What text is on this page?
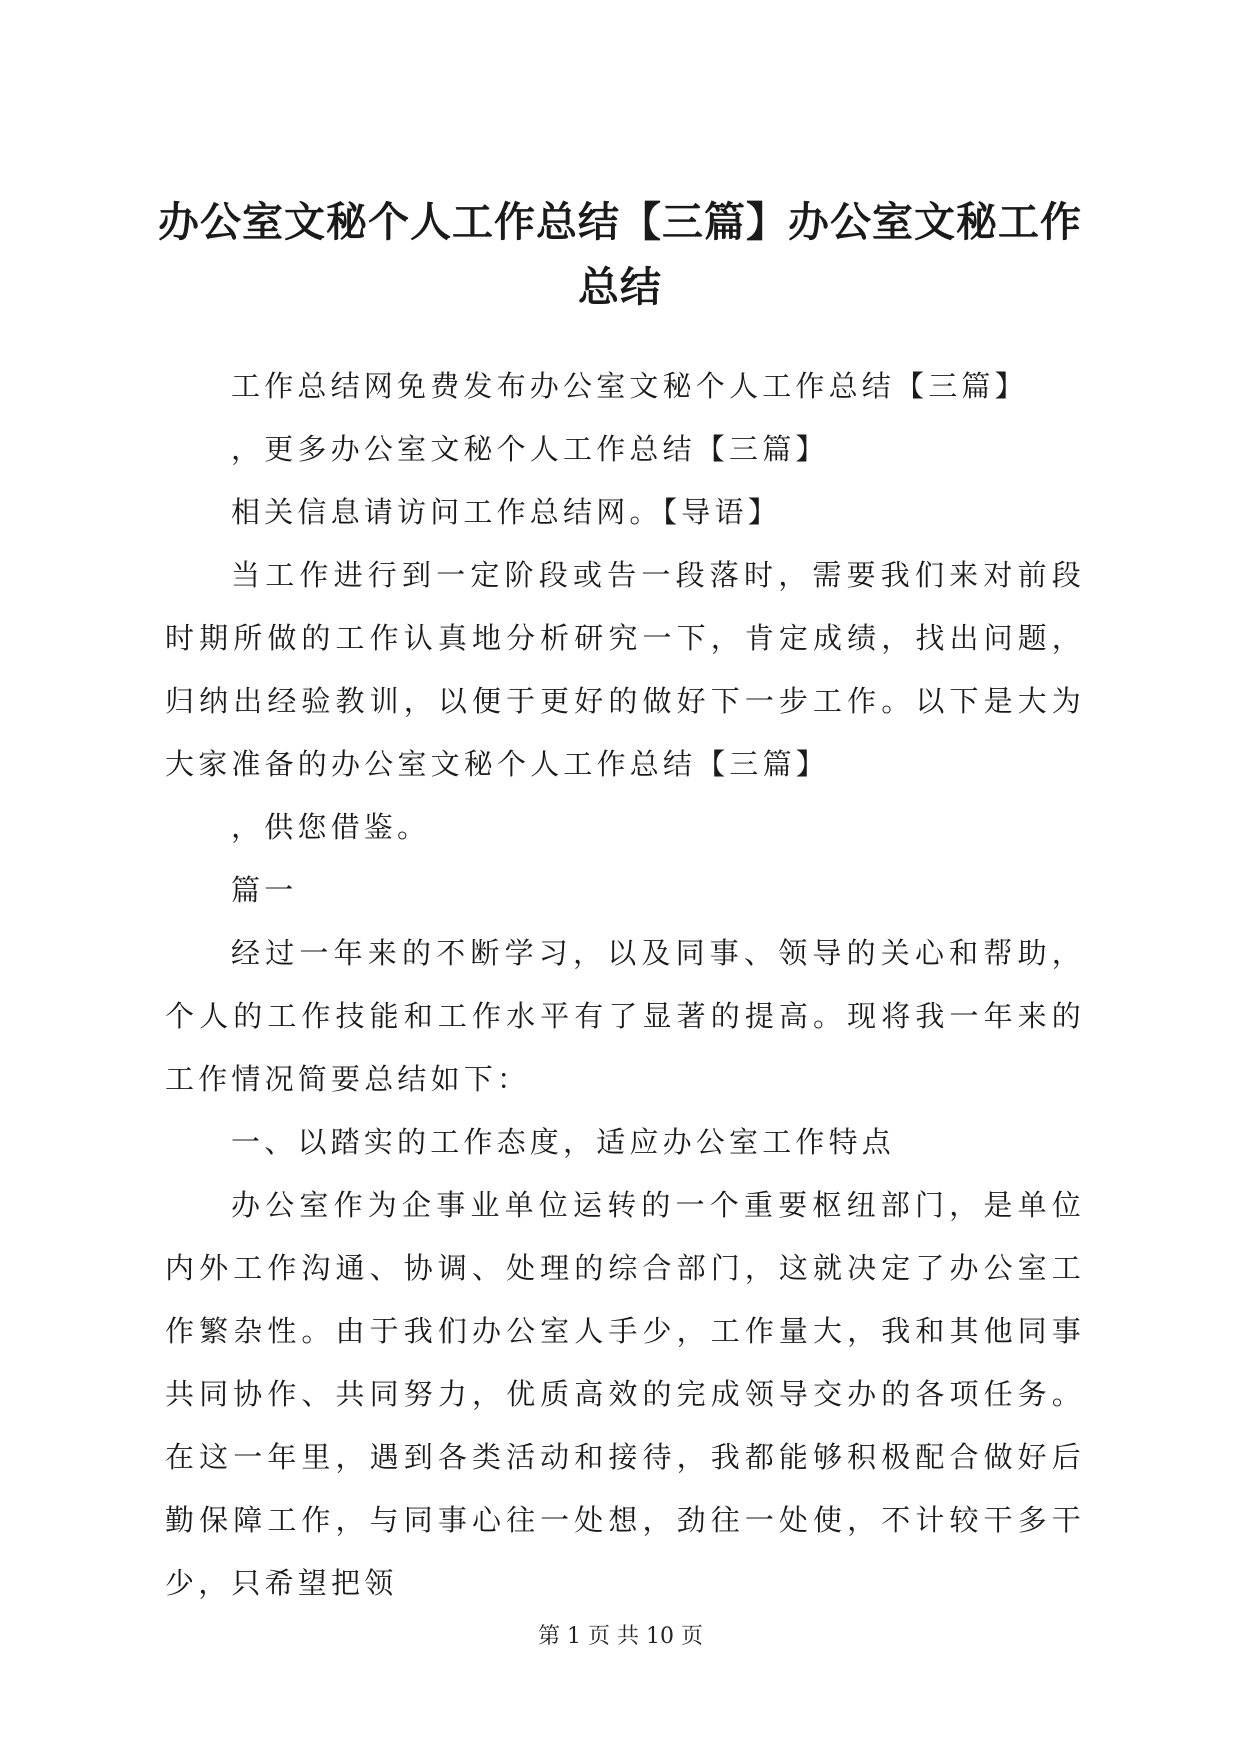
办公室文秘个人工作总结【三篇】办公室文秘工作总结

工作总结网免费发布办公室文秘个人工作总结【三篇】

，更多办公室文秘个人工作总结【三篇】

相关信息请访问工作总结网。【导语】

当工作进行到一定阶段或告一段落时，需要我们来对前段时期所做的工作认真地分析研究一下，肯定成绩，找出问题，归纳出经验教训，以便于更好的做好下一步工作。以下是大为大家准备的办公室文秘个人工作总结【三篇】

，供您借鉴。

篇一

经过一年来的不断学习，以及同事、领导的关心和帮助，个人的工作技能和工作水平有了显著的提高。现将我一年来的工作情况简要总结如下：

一、以踏实的工作态度，适应办公室工作特点

办公室作为企事业单位运转的一个重要枢纽部门，是单位内外工作沟通、协调、处理的综合部门，这就决定了办公室工作繁杂性。由于我们办公室人手少，工作量大，我和其他同事共同协作、共同努力，优质高效的完成领导交办的各项任务。在这一年里，遇到各类活动和接待，我都能够积极配合做好后勤保障工作，与同事心往一处想，劲往一处使，不计较干多干少，只希望把领

第 1 页 共 10 页
